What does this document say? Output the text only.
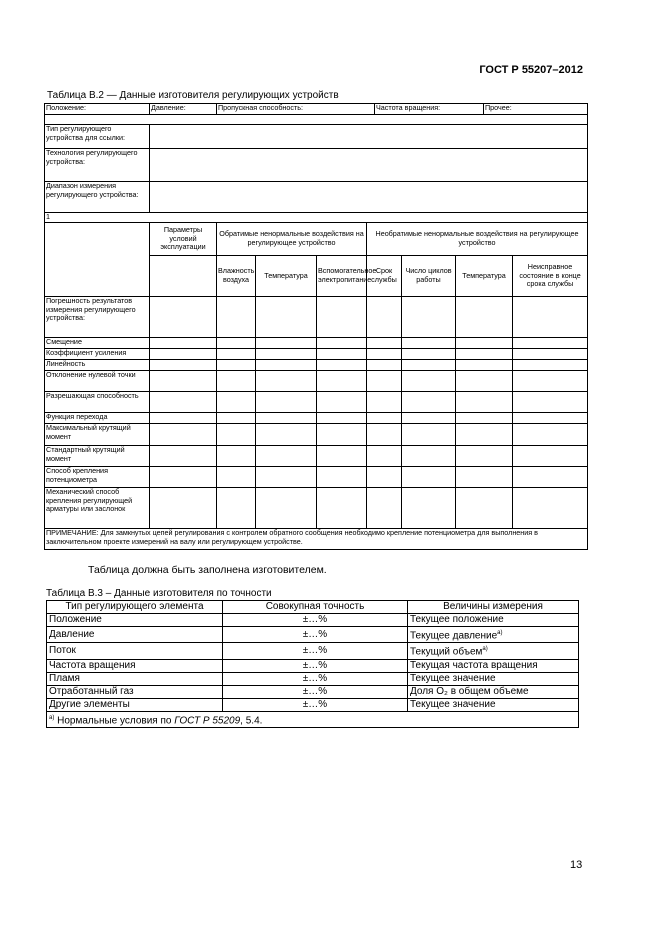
ГОСТ Р 55207–2012
Таблица В.2 — Данные изготовителя регулирующих устройств
Положение:	Давление:	Пропускная способность:	Частота вращения:	Прочее:

Тип регулирующего устройства для ссылки:								
Технология регулирующего устройства:								
Диапазон измерения регулирующего устройства:								
1								
	Параметры условий эксплуатации	Обратимые ненормальные воздействия на регулирующее устройство			Необратимые ненормальные воздействия на регулирующее устройство			
		Влажность воздуха	Температура	Вспомогательное электропитание	Срок службы	Число циклов работы	Температура	Неисправное состояние в конце срока службы
Погрешность результатов измерения регулирующего устройства:								
Смещение								
Коэффициент усиления								
Линейность								
Отклонение нулевой точки								
Разрешающая способность								
Функция перехода								
Максимальный крутящий момент								
Стандартный крутящий момент								
Способ крепления потенциометра								
Механический способ крепления регулирующей арматуры или заслонок								
ПРИМЕЧАНИЕ: Для замкнутых цепей регулирования с контролем обратного сообщения необходимо крепление потенциометра для выполнения в заключительном проекте измерений на валу или регулирующем устройстве.								
Таблица должна быть заполнена изготовителем.
Таблица В.3 – Данные изготовителя по точности
Тип регулирующего элемента	Совокупная точность	Величины измерения
Положение	±…%	Текущее положение
Давление	±…%	Текущее давление$^{а)}$
Поток	±…%	Текущий объем$^{а)}$
Частота вращения	±…%	Текущая частота вращения
Пламя	±…%	Текущее значение
Отработанный газ	±…%	Доля O₂ в общем объеме
Другие элементы	±…%	Текущее значение
$^{а)}$ Нормальные условия по ГОСТ Р 55209, 5.4.		
13
